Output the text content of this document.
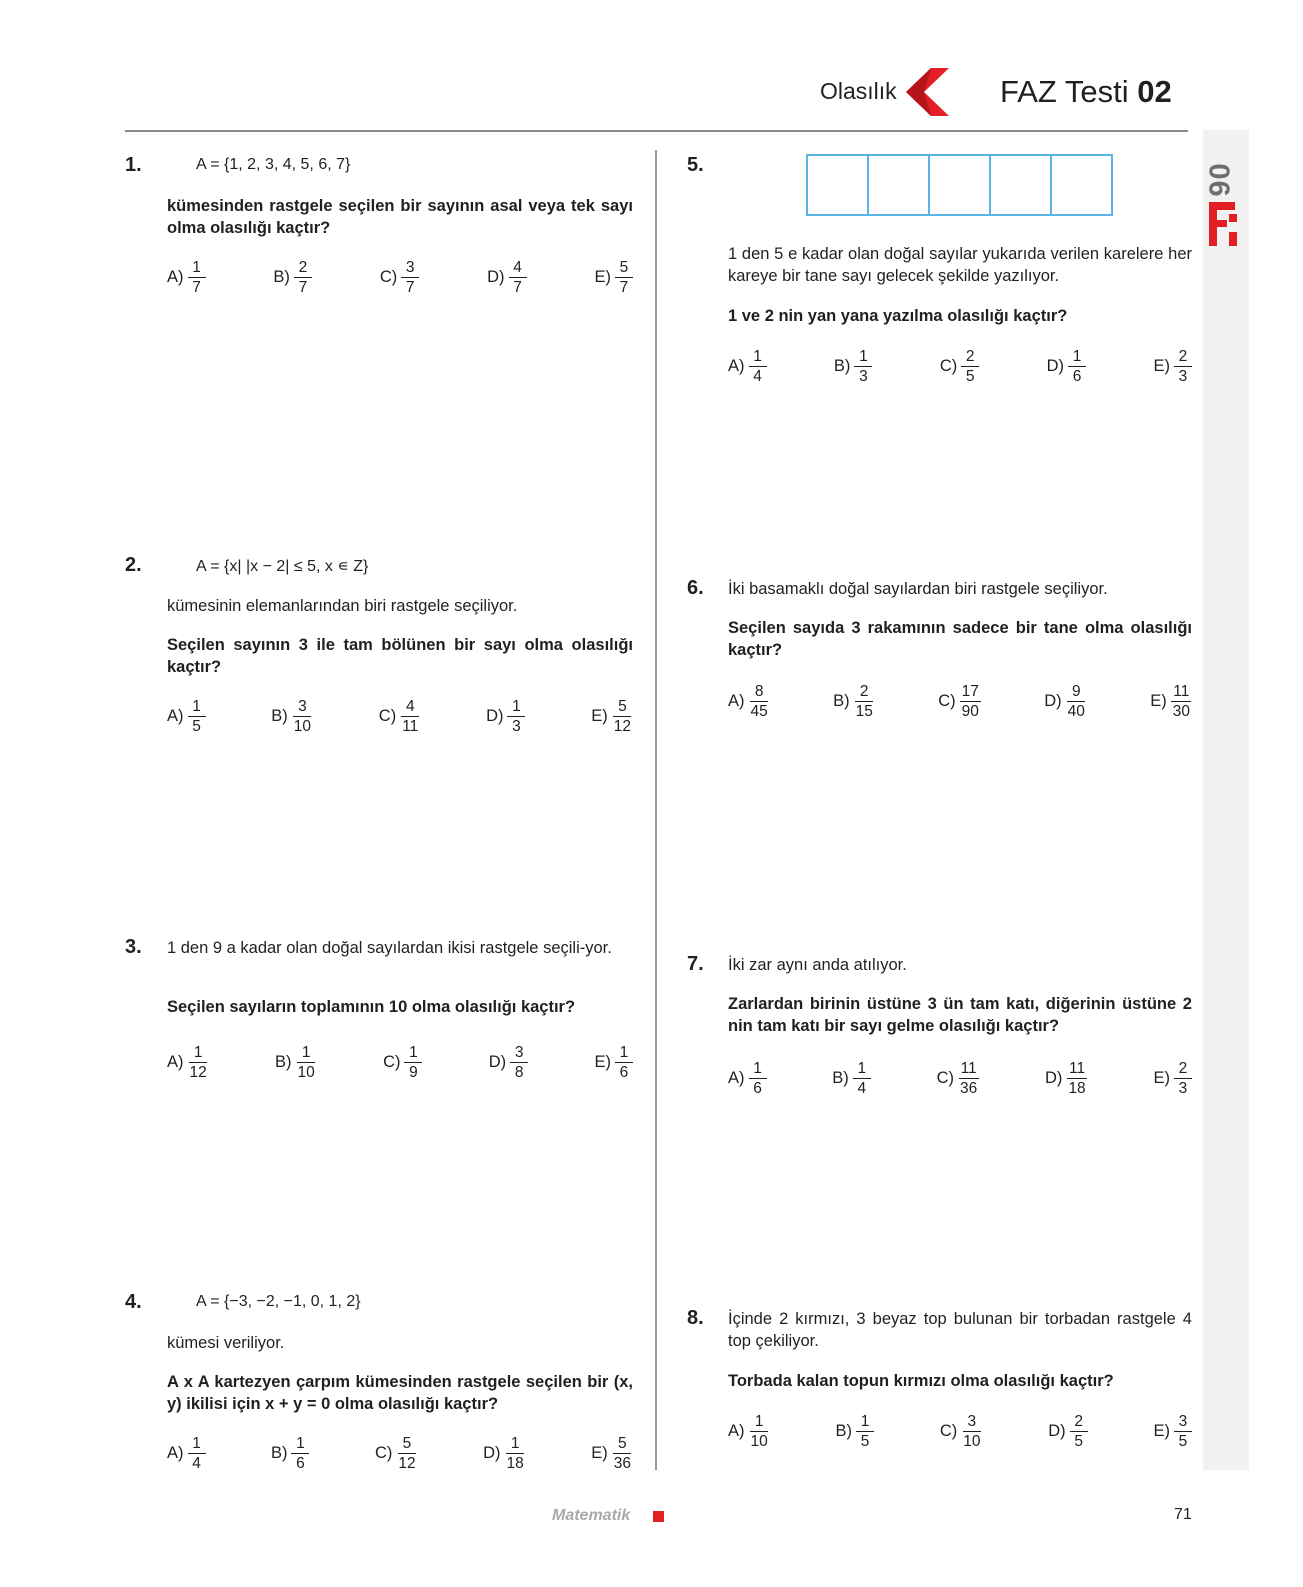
Olasılık	FAZ Testi 02
06
1.	A = {1, 2, 3, 4, 5, 6, 7}
kümesinden rastgele seçilen bir sayının asal veya tek sayı olma olasılığı kaçtır?
$A) \frac{1}{7}$	$B) \frac{2}{7}$	$C) \frac{3}{7}$	$D) \frac{4}{7}$	$E) \frac{5}{7}$
2.	A = {x| |x − 2| ≤ 5, x ∊ Z}
kümesinin elemanlarından biri rastgele seçiliyor.
Seçilen sayının 3 ile tam bölünen bir sayı olma olasılığı kaçtır?
$A) \frac{1}{5}$	$B) \frac{3}{10}$	$C) \frac{4}{11}$	$D) \frac{1}{3}$	$E) \frac{5}{12}$
3. 1 den 9 a kadar olan doğal sayılardan ikisi rastgele seçili-yor.
Seçilen sayıların toplamının 10 olma olasılığı kaçtır?
$A) \frac{1}{12}$	$B) \frac{1}{10}$	$C) \frac{1}{9}$	$D) \frac{3}{8}$	$E) \frac{1}{6}$
4.	A = {−3, −2, −1, 0, 1, 2}
kümesi veriliyor.
A x A kartezyen çarpım kümesinden rastgele seçilen bir (x, y) ikilisi için x + y = 0 olma olasılığı kaçtır?
$A) \frac{1}{4}$	$B) \frac{1}{6}$	$C) \frac{5}{12}$	$D) \frac{1}{18}$	$E) \frac{5}{36}$
5.
1 den 5 e kadar olan doğal sayılar yukarıda verilen karelere her kareye bir tane sayı gelecek şekilde yazılıyor.
1 ve 2 nin yan yana yazılma olasılığı kaçtır?
$A) \frac{1}{4}$	$B) \frac{1}{3}$	$C) \frac{2}{5}$	$D) \frac{1}{6}$	$E) \frac{2}{3}$
6. İki basamaklı doğal sayılardan biri rastgele seçiliyor.
Seçilen sayıda 3 rakamının sadece bir tane olma olasılığı kaçtır?
$A) \frac{8}{45}$	$B) \frac{2}{15}$	$C) \frac{17}{90}$	$D) \frac{9}{40}$	$E) \frac{11}{30}$
7. İki zar aynı anda atılıyor.
Zarlardan birinin üstüne 3 ün tam katı, diğerinin üstüne 2 nin tam katı bir sayı gelme olasılığı kaçtır?
$A) \frac{1}{6}$	$B) \frac{1}{4}$	$C) \frac{11}{36}$	$D) \frac{11}{18}$	$E) \frac{2}{3}$
8. İçinde 2 kırmızı, 3 beyaz top bulunan bir torbadan rastgele 4 top çekiliyor.
Torbada kalan topun kırmızı olma olasılığı kaçtır?
$A) \frac{1}{10}$	$B) \frac{1}{5}$	$C) \frac{3}{10}$	$D) \frac{2}{5}$	$E) \frac{3}{5}$
Matematik	71
